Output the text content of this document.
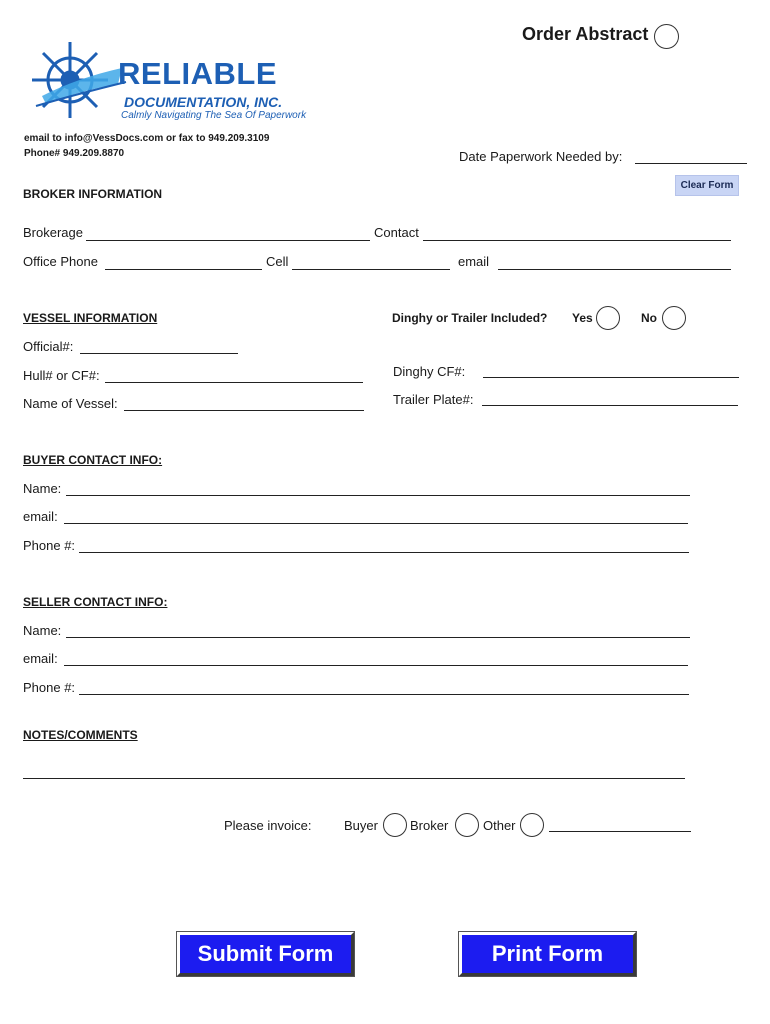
Order Abstract
RELIABLE
DOCUMENTATION, INC.
Calmly Navigating The Sea Of Paperwork
email to info@VessDocs.com or fax to 949.209.3109
Phone# 949.209.8870	Date Paperwork Needed by:
Clear Form
BROKER INFORMATION
Brokerage	Contact
Office Phone	Cell	email
VESSEL INFORMATION	Dinghy or Trailer Included? Yes	No
Official#:
Hull# or CF#:	Dinghy CF#:
Name of Vessel:	Trailer Plate#:
BUYER CONTACT INFO:
Name:
email:
Phone #:
SELLER CONTACT INFO:
Name:
email:
Phone #:
NOTES/COMMENTS
Please invoice:	Buyer Broker	Other
Submit Form	Print Form
